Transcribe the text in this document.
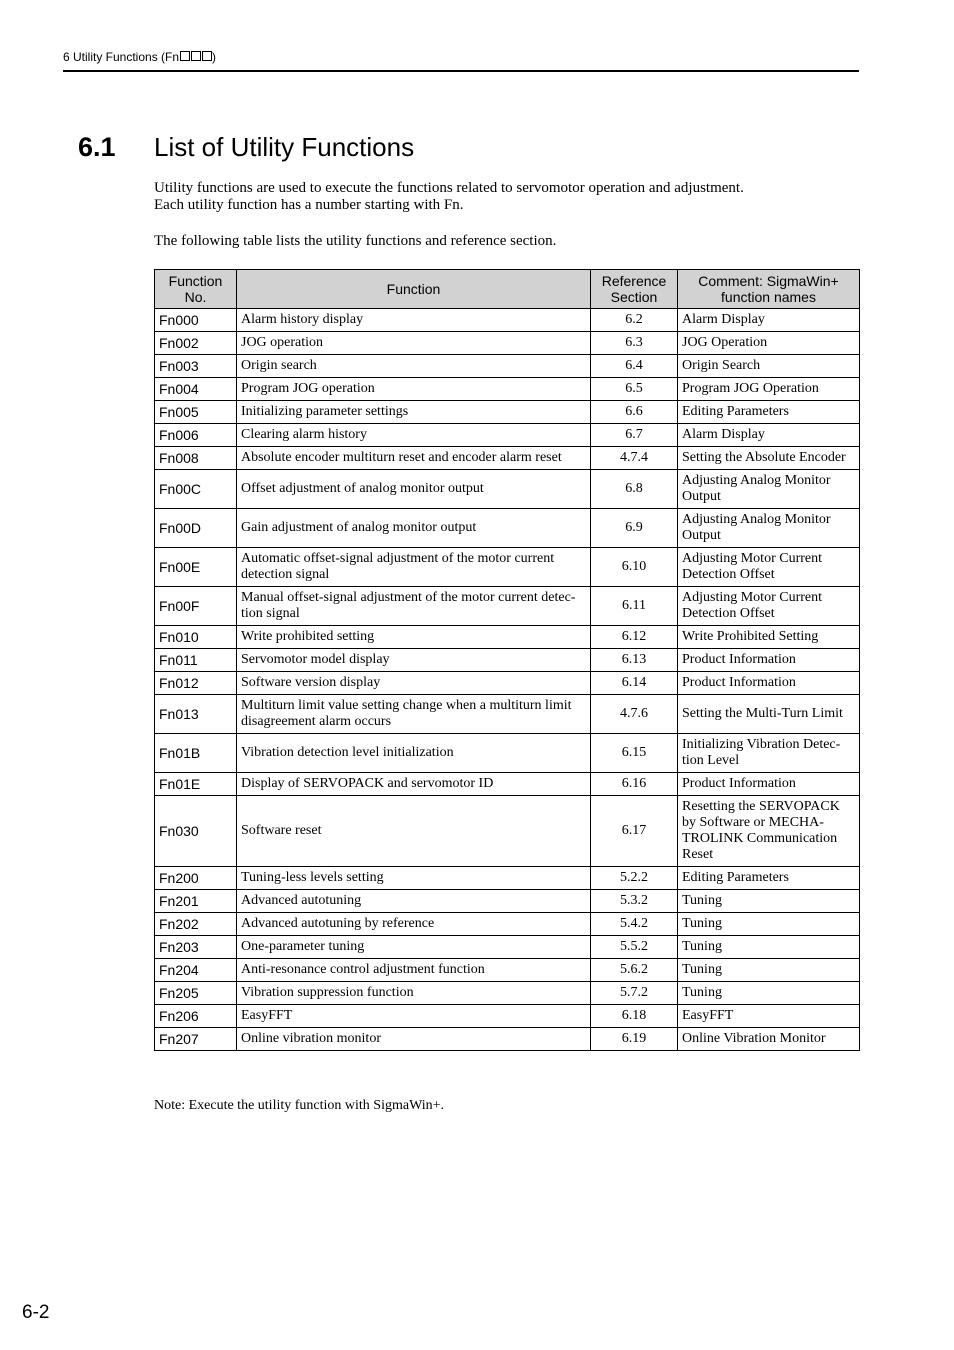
6 Utility Functions (Fn	)
6.1	List of Utility Functions
Utility functions are used to execute the functions related to servomotor operation and adjustment.
Each utility function has a number starting with Fn.
The following table lists the utility functions and reference section.
Function No.	Function	Reference Section	Comment: SigmaWin+ function names
Fn000	Alarm history display	6.2	Alarm Display
Fn002	JOG operation	6.3	JOG Operation
Fn003	Origin search	6.4	Origin Search
Fn004	Program JOG operation	6.5	Program JOG Operation
Fn005	Initializing parameter settings	6.6	Editing Parameters
Fn006	Clearing alarm history	6.7	Alarm Display
Fn008	Absolute encoder multiturn reset and encoder alarm reset	4.7.4	Setting the Absolute Encoder
Fn00C	Offset adjustment of analog monitor output	6.8	Adjusting Analog Monitor Output
Fn00D	Gain adjustment of analog monitor output	6.9	Adjusting Analog Monitor Output
Fn00E	Automatic offset-signal adjustment of the motor current detection signal	6.10	Adjusting Motor Current Detection Offset
Fn00F	Manual offset-signal adjustment of the motor current detec-tion signal	6.11	Adjusting Motor Current Detection Offset
Fn010	Write prohibited setting	6.12	Write Prohibited Setting
Fn011	Servomotor model display	6.13	Product Information
Fn012	Software version display	6.14	Product Information
Fn013	Multiturn limit value setting change when a multiturn limit disagreement alarm occurs	4.7.6	Setting the Multi-Turn Limit
Fn01B	Vibration detection level initialization	6.15	Initializing Vibration Detec-tion Level
Fn01E	Display of SERVOPACK and servomotor ID	6.16	Product Information
Fn030	Software reset	6.17	Resetting the SERVOPACK by Software or MECHA-TROLINK Communication Reset
Fn200	Tuning-less levels setting	5.2.2	Editing Parameters
Fn201	Advanced autotuning	5.3.2	Tuning
Fn202	Advanced autotuning by reference	5.4.2	Tuning
Fn203	One-parameter tuning	5.5.2	Tuning
Fn204	Anti-resonance control adjustment function	5.6.2	Tuning
Fn205	Vibration suppression function	5.7.2	Tuning
Fn206	EasyFFT	6.18	EasyFFT
Fn207	Online vibration monitor	6.19	Online Vibration Monitor
Note: Execute the utility function with SigmaWin+.
6-2
